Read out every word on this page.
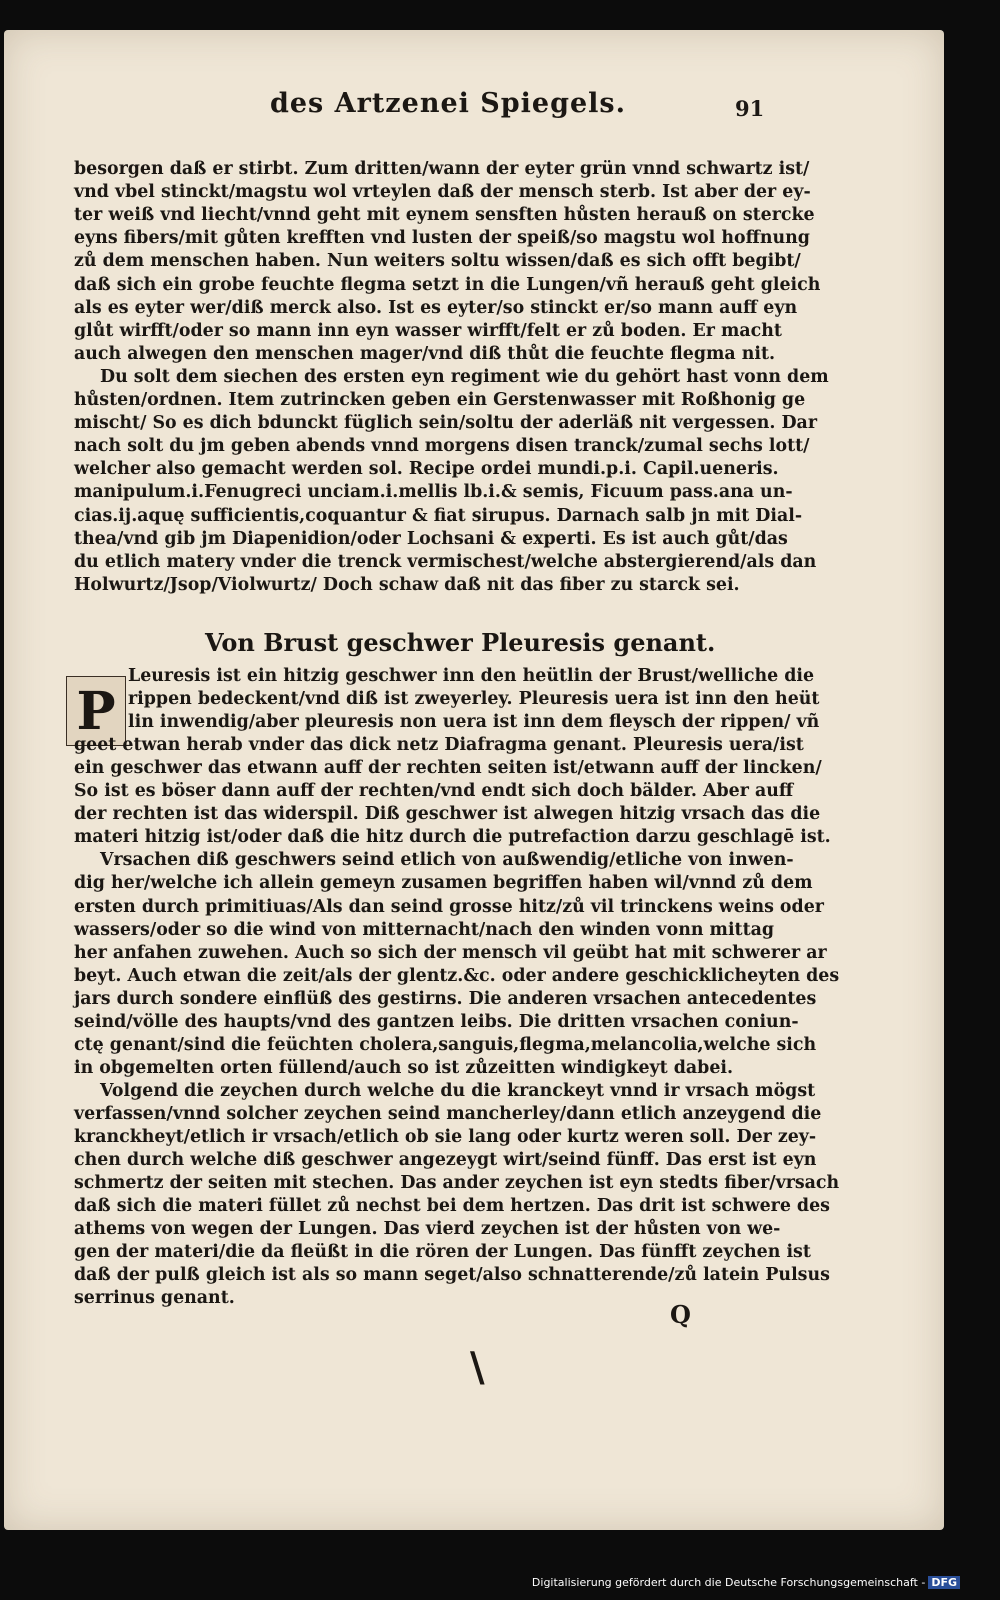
des Artzenei Spiegels.	91
besorgen daß er stirbt. Zum dritten/wann der eyter grün vnnd schwartz ist/
vnd vbel stinckt/magstu wol vrteylen daß der mensch sterb. Ist aber der ey-
ter weiß vnd liecht/vnnd geht mit eynem sensften hůsten herauß on stercke
eyns fibers/mit gůten krefften vnd lusten der speiß/so magstu wol hoffnung
zů dem menschen haben. Nun weiters soltu wissen/daß es sich offt begibt/
daß sich ein grobe feuchte flegma setzt in die Lungen/vñ herauß geht gleich
als es eyter wer/diß merck also. Ist es eyter/so stinckt er/so mann auff eyn
glůt wirfft/oder so mann inn eyn wasser wirfft/felt er zů boden. Er macht
auch alwegen den menschen mager/vnd diß thůt die feuchte flegma nit.
Du solt dem siechen des ersten eyn regiment wie du gehört hast vonn dem
hůsten/ordnen. Item zutrincken geben ein Gerstenwasser mit Roßhonig ge
mischt/ So es dich bdunckt füglich sein/soltu der aderläß nit vergessen. Dar
nach solt du jm geben abends vnnd morgens disen tranck/zumal sechs lott/
welcher also gemacht werden sol. Recipe ordei mundi.p.i. Capil.ueneris.
manipulum.i.Fenugreci unciam.i.mellis lb.i.& semis, Ficuum pass.ana un-
cias.ij.aquę sufficientis,coquantur & fiat sirupus. Darnach salb jn mit Dial-
thea/vnd gib jm Diapenidion/oder Lochsani & experti. Es ist auch gůt/das
du etlich matery vnder die trenck vermischest/welche abstergierend/als dan
Holwurtz/Jsop/Violwurtz/ Doch schaw daß nit das fiber zu starck sei.
Von Brust geschwer Pleuresis genant.
P
Leuresis ist ein hitzig geschwer inn den heütlin der Brust/welliche die
rippen bedeckent/vnd diß ist zweyerley. Pleuresis uera ist inn den heüt
lin inwendig/aber pleuresis non uera ist inn dem fleysch der rippen/ vñ
geet etwan herab vnder das dick netz Diafragma genant. Pleuresis uera/ist
ein geschwer das etwann auff der rechten seiten ist/etwann auff der lincken/
So ist es böser dann auff der rechten/vnd endt sich doch bälder. Aber auff
der rechten ist das widerspil. Diß geschwer ist alwegen hitzig vrsach das die
materi hitzig ist/oder daß die hitz durch die putrefaction darzu geschlagē ist.
Vrsachen diß geschwers seind etlich von außwendig/etliche von inwen-
dig her/welche ich allein gemeyn zusamen begriffen haben wil/vnnd zů dem
ersten durch primitiuas/Als dan seind grosse hitz/zů vil trinckens weins oder
wassers/oder so die wind von mitternacht/nach den winden vonn mittag
her anfahen zuwehen. Auch so sich der mensch vil geübt hat mit schwerer ar
beyt. Auch etwan die zeit/als der glentz.&c. oder andere geschicklicheyten des
jars durch sondere einflüß des gestirns. Die anderen vrsachen antecedentes
seind/völle des haupts/vnd des gantzen leibs. Die dritten vrsachen coniun-
ctę genant/sind die feüchten cholera,sanguis,flegma,melancolia,welche sich
in obgemelten orten füllend/auch so ist zůzeitten windigkeyt dabei.
Volgend die zeychen durch welche du die kranckeyt vnnd ir vrsach mögst
verfassen/vnnd solcher zeychen seind mancherley/dann etlich anzeygend die
kranckheyt/etlich ir vrsach/etlich ob sie lang oder kurtz weren soll. Der zey-
chen durch welche diß geschwer angezeygt wirt/seind fünff. Das erst ist eyn
schmertz der seiten mit stechen. Das ander zeychen ist eyn stedts fiber/vrsach
daß sich die materi füllet zů nechst bei dem hertzen. Das drit ist schwere des
athems von wegen der Lungen. Das vierd zeychen ist der hůsten von we-
gen der materi/die da fleüßt in die rören der Lungen. Das fünfft zeychen ist
daß der pulß gleich ist als so mann seget/also schnatterende/zů latein Pulsus
serrinus genant.
Q
\
Digitalisierung gefördert durch die Deutsche Forschungsgemeinschaft - DFG
